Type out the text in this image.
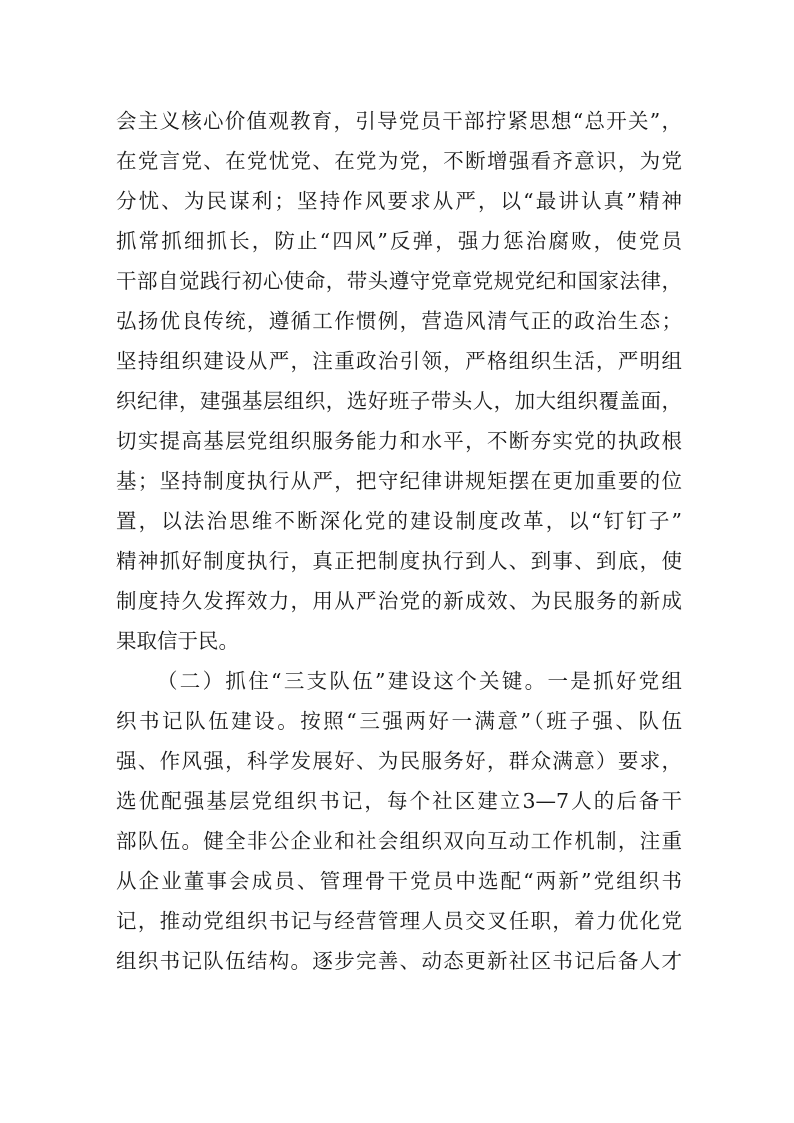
会主义核心价值观教育，引导党员干部拧紧思想“总开关”，
在党言党、在党忧党、在党为党，不断增强看齐意识，为党
分忧、为民谋利；坚持作风要求从严，以“最讲认真”精神
抓常抓细抓长，防止“四风”反弹，强力惩治腐败，使党员
干部自觉践行初心使命，带头遵守党章党规党纪和国家法律，
弘扬优良传统，遵循工作惯例，营造风清气正的政治生态；
坚持组织建设从严，注重政治引领，严格组织生活，严明组
织纪律，建强基层组织，选好班子带头人，加大组织覆盖面，
切实提高基层党组织服务能力和水平，不断夯实党的执政根
基；坚持制度执行从严，把守纪律讲规矩摆在更加重要的位
置，以法治思维不断深化党的建设制度改革，以“钉钉子”
精神抓好制度执行，真正把制度执行到人、到事、到底，使
制度持久发挥效力，用从严治党的新成效、为民服务的新成
果取信于民。
（二）抓住“三支队伍”建设这个关键。一是抓好党组
织书记队伍建设。按照“三强两好一满意”（班子强、队伍
强、作风强，科学发展好、为民服务好，群众满意）要求，
选优配强基层党组织书记，每个社区建立3—7人的后备干
部队伍。健全非公企业和社会组织双向互动工作机制，注重
从企业董事会成员、管理骨干党员中选配“两新”党组织书
记，推动党组织书记与经营管理人员交叉任职，着力优化党
组织书记队伍结构。逐步完善、动态更新社区书记后备人才
